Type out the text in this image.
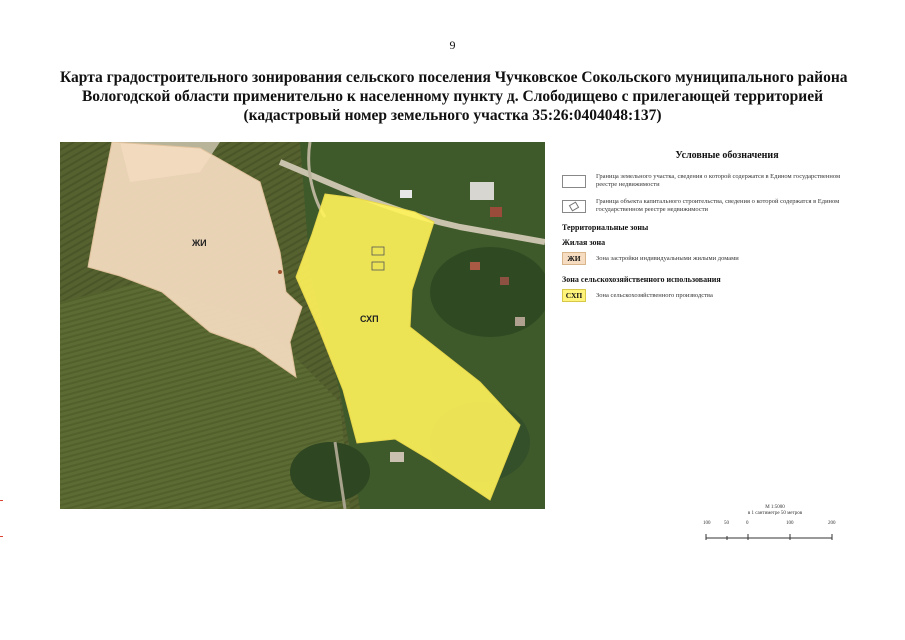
9
Карта градостроительного зонирования сельского поселения Чучковское Сокольского муниципального района
Вологодской области применительно к населенному пункту д. Слободищево с прилегающей территорией
(кадастровый номер земельного участка 35:26:0404048:137)
ЖИ
СХП
Условные обозначения
Граница земельного участка, сведения о которой содержатся в Едином государственном реестре недвижимости
Граница объекта капитального строительства, сведения о которой содержатся в Едином государственном реестре недвижимости
Территориальные зоны
Жилая зона
ЖИ	Зона застройки индивидуальными жилыми домами
Зона сельскохозяйственного использования
СХП	Зона сельскохозяйственного производства
М 1:5000
в 1 сантиметре 50 метров
100	50	0	100	200
